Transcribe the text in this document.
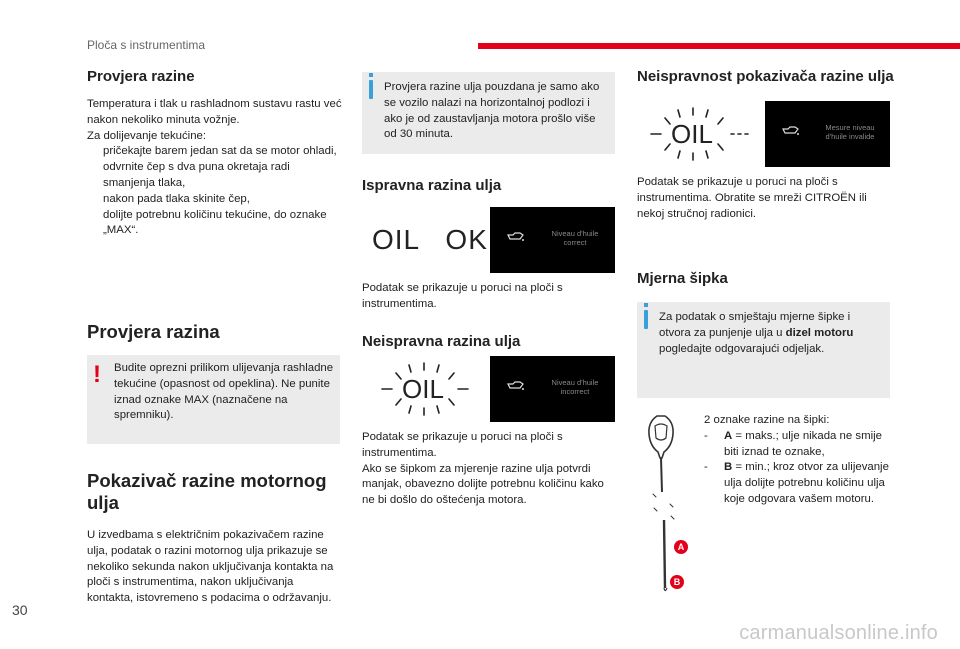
Ploča s instrumentima
Provjera razine

Temperatura i tlak u rashladnom sustavu rastu već nakon nekoliko minuta vožnje.

Za dolijevanje tekućine:

pričekajte barem jedan sat da se motor ohladi,
odvrnite čep s dva puna okretaja radi smanjenja tlaka,
nakon pada tlaka skinite čep,
dolijte potrebnu količinu tekućine, do oznake „MAX“.
Provjera razina
! Budite oprezni prilikom ulijevanja rashladne tekućine (opasnost od opeklina). Ne punite iznad oznake MAX (naznačene na spremniku).
Pokazivač razine motornog ulja

U izvedbama s električnim pokazivačem razine ulja, podatak o razini motornog ulja prikazuje se nekoliko sekunda nakon uključivanja kontakta na ploči s instrumentima, nakon uključivanja kontakta, istovremeno s podacima o održavanju.

Provjera razine ulja pouzdana je samo ako se vozilo nalazi na horizontalnoj podlozi i ako je od zaustavljanja motora prošlo više od 30 minuta.
Ispravna razina ulja
OIL   OK	Niveau d'huile correct

Podatak se prikazuje u poruci na ploči s instrumentima.

Neispravna razina ulja
OIL	Niveau d'huile incorrect

Podatak se prikazuje u poruci na ploči s instrumentima.
Ako se šipkom za mjerenje razine ulja potvrdi manjak, obavezno dolijte potrebnu količinu kako ne bi došlo do oštećenja motora.

Neispravnost pokazivača razine ulja
OIL	Mesure niveau d'huile invalide

Podatak se prikazuje u poruci na ploči s instrumentima. Obratite se mreži CITROËN ili nekoj stručnoj radionici.

Mjerna šipka
Za podatak o smještaju mjerne šipke i otvora za punjenje ulja u dizel motoru pogledajte odgovarajući odjeljak.
A
B

2 oznake razine na šipki:

- A = maks.; ulje nikada ne smije biti iznad te oznake,
- B = min.; kroz otvor za ulijevanje ulja dolijte potrebnu količinu ulja koje odgovara vašem motoru.
30
carmanualsonline.info
